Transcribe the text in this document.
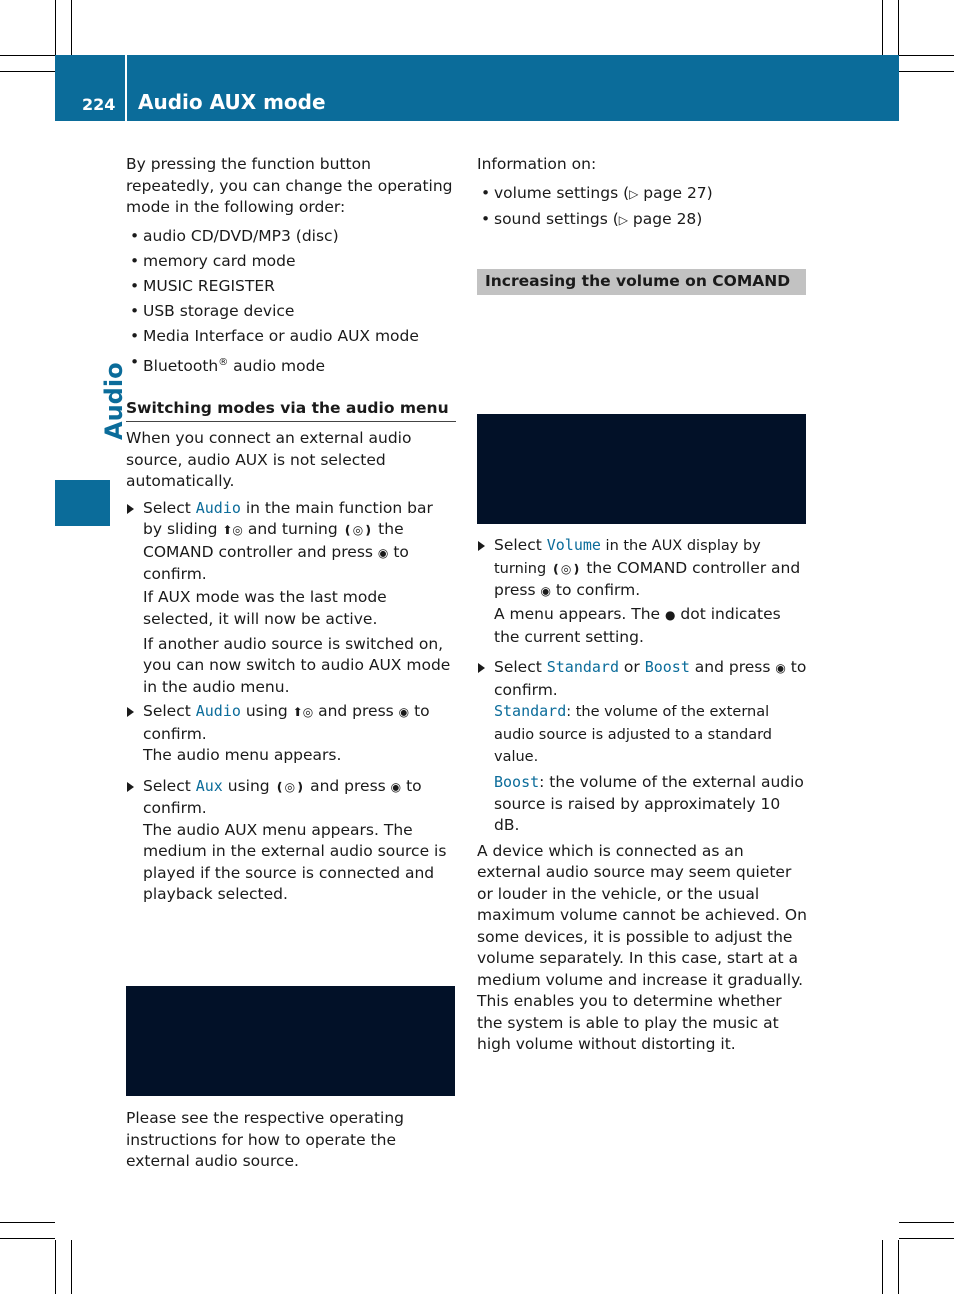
224 Audio AUX mode
Audio

By pressing the function button repeatedly, you can change the operating mode in the following order:

• audio CD/DVD/MP3 (disc)

• memory card mode

• MUSIC REGISTER

• USB storage device

• Media Interface or audio AUX mode

• Bluetooth® audio mode

Switching modes via the audio menu

When you connect an external audio source, audio AUX is not selected automatically.

Select Audio in the main function bar by sliding ⬆◎ and turning ❪◎❫ the COMAND controller and press ◉ to confirm.

If AUX mode was the last mode selected, it will now be active.

If another audio source is switched on, you can now switch to audio AUX mode in the audio menu.

Select Audio using ⬆◎ and press ◉ to confirm.

The audio menu appears.

Select Aux using ❪◎❫ and press ◉ to confirm.

The audio AUX menu appears. The medium in the external audio source is played if the source is connected and playback selected.

Please see the respective operating instructions for how to operate the external audio source.

Information on:

• volume settings (▷ page 27)

• sound settings (▷ page 28)

Increasing the volume on COMAND

Select Volume in the AUX display by turning ❪◎❫ the COMAND controller and press ◉ to confirm.

A menu appears. The ● dot indicates the current setting.

Select Standard or Boost and press ◉ to confirm.

Standard: the volume of the external audio source is adjusted to a standard value.

Boost: the volume of the external audio source is raised by approximately 10 dB.

A device which is connected as an external audio source may seem quieter or louder in the vehicle, or the usual maximum volume cannot be achieved. On some devices, it is possible to adjust the volume separately. In this case, start at a medium volume and increase it gradually. This enables you to determine whether the system is able to play the music at high volume without distorting it.
